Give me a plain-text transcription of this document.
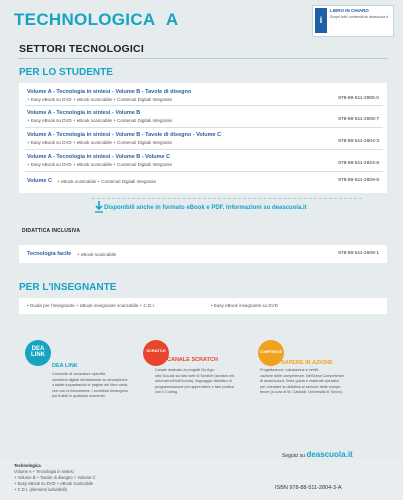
TECHNOLOGICA A	i
LIBRO IN CHIARO
Scopri tutti i contenuti su deascuola.it
SETTORI TECNOLOGICI
PER LO STUDENTE
Volume A - Tecnologia in sintesi - Volume B - Tavole di disegno
+ Easy eBook su DVD + eBook scaricabile + Contenuti Digitali Integrativi	978-88-511-2805-0
Volume A - Tecnologia in sintesi - Volume B
+ Easy eBook su DVD + eBook scaricabile + Contenuti Digitali Integrativi	978-88-511-2806-7
Volume A - Tecnologia in sintesi - Volume B - Tavole di disegno - Volume C
+ Easy eBook su DVD + eBook scaricabile + Contenuti Digitali Integrativi	978-88-511-2804-3
Volume A - Tecnologia in sintesi - Volume B - Volume C
+ Easy eBook su DVD + eBook scaricabile + Contenuti Digitali Integrativi	978-88-511-2924-8
Volume C + eBook scaricabile + Contenuti Digitali Integrativi	978-88-511-2809-8
Disponibili anche in formato eBook e PDF. Informazioni su deascuola.it
DIDATTICA INCLUSIVA
Tecnologia facile + eBook scaricabile	978-88-511-2808-1
PER L'INSEGNANTE
• Guida per l'insegnante + eBook insegnante scaricabile + C.D.I.	• Easy eBook insegnante su DVD
DEA LINK
DEA LINK
Consente di consultare specifici
contributi digitali direttamente su smartphone
o tablet inquadrando le pagine del libro carta-
cee con la fotocamera. I contributi rimangono
poi fruibili in qualsiasi momento.
SCRATCH
CANALE SCRATCH
Canale dedicato ai progetti De Ago-
stini Scuola sul sito web di Scratch (scratch.mit.
edu/users/DeAScuola), linguaggio didattico di
programmazione per apprendere e fare pratica
con il Coding.
COMPETENZE
SAPERE IN AZIONE
Progettazione, valutazione e certifi-
cazione delle competenze. Nell'Area Competenze
di deascuola.it, linee guida e materiali operativi
per orientare la didattica al servizio delle compe-
tenze (a cura di M. Castoldi, Università di Torino).
Seguici su deascuola.it
Technologica
Volume A + Tecnologia in sintesi
+ Volume B + Tavole di disegno + Volume C
+ Easy eBook su DVD + eBook scaricabile
+ C.D.I. (elementi indivisibili)	ISBN 978-88-511-2804-3-A
